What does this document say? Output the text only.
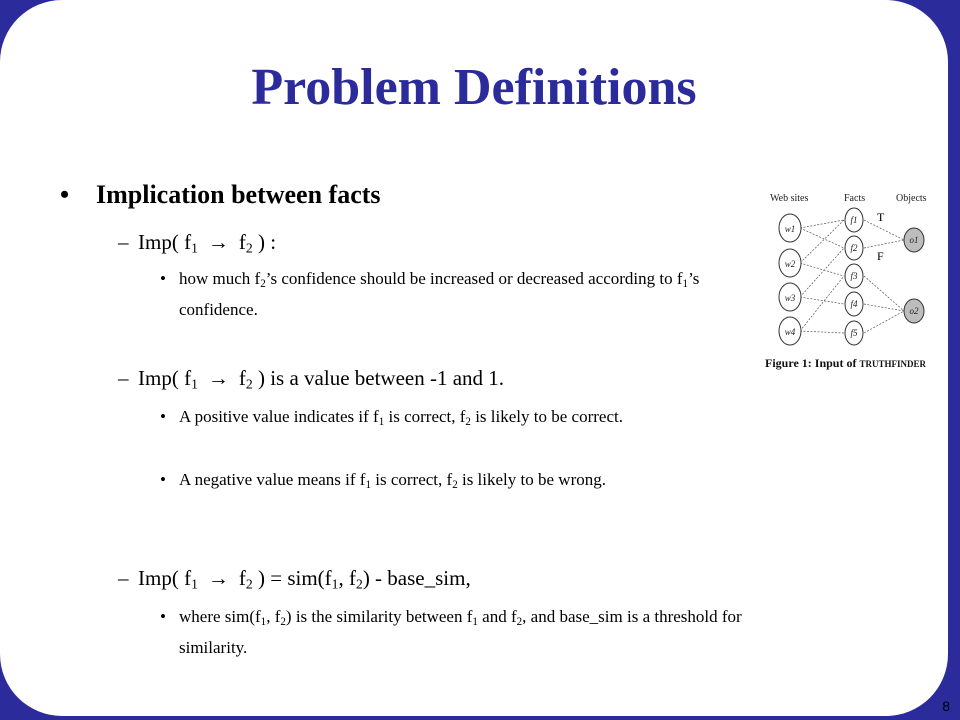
Problem Definitions
• Implication between facts
– Imp( $f_1 \to f_2$ ) :
• how much $f_2’s$ confidence should be increased or decreased according to $f_1’s$ confidence.
– Imp( $f_1 \to f_2$ ) is a value between -1 and 1.
• A positive value indicates if $f_1$ is correct, $f_2$ is likely to be correct.
• A negative value means if $f_1$ is correct, $f_2$ is likely to be wrong.
– Imp( $f_1 \to f_2$ ) = $sim(f_1$, $f_2$) - base_sim,
• where $sim(f_1$, $f_2$) is the similarity between $f_1$ and $f_2$, and base_sim is a threshold for similarity.
Web sites	Facts	Objects
w1
w2
w3
w4
f1
f2
f3
f4
f5
o1
o2
T
F
Figure 1: Input of TRUTHFINDER
8
